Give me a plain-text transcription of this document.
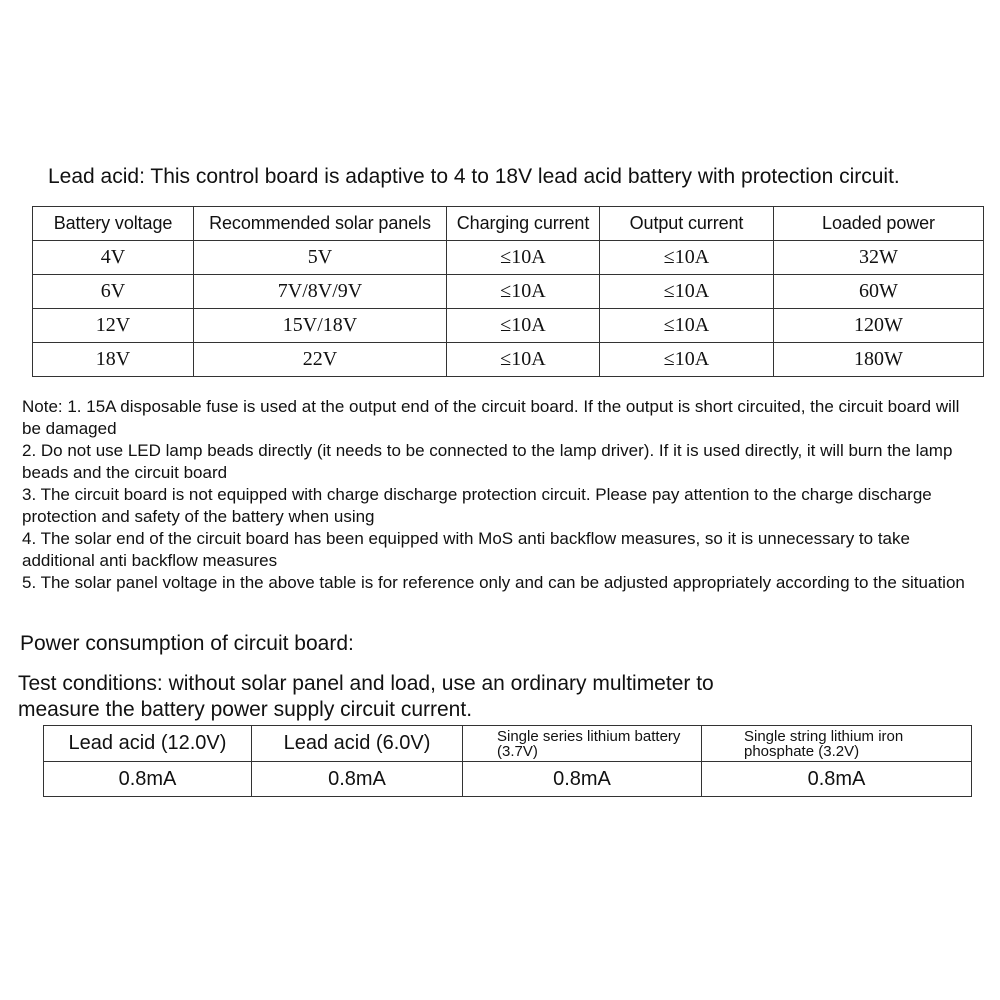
Lead acid: This control board is adaptive to 4 to 18V lead acid battery with protection circuit.
Battery voltage	Recommended solar panels	Charging current	Output current	Loaded power
4V	5V	≤10A	≤10A	32W
6V	7V/8V/9V	≤10A	≤10A	60W
12V	15V/18V	≤10A	≤10A	120W
18V	22V	≤10A	≤10A	180W

Note: 1. 15A disposable fuse is used at the output end of the circuit board. If the output is short circuited, the circuit board will be damaged

2. Do not use LED lamp beads directly (it needs to be connected to the lamp driver). If it is used directly, it will burn the lamp beads and the circuit board

3. The circuit board is not equipped with charge discharge protection circuit. Please pay attention to the charge discharge protection and safety of the battery when using

4. The solar end of the circuit board has been equipped with MoS anti backflow measures, so it is unnecessary to take additional anti backflow measures

5. The solar panel voltage in the above table is for reference only and can be adjusted appropriately according to the situation

Power consumption of circuit board:
Test conditions: without solar panel and load, use an ordinary multimeter to measure the battery power supply circuit current.
Lead acid (12.0V)	Lead acid (6.0V)	Single series lithium battery (3.7V)	Single string lithium iron phosphate (3.2V)
0.8mA	0.8mA	0.8mA	0.8mA
